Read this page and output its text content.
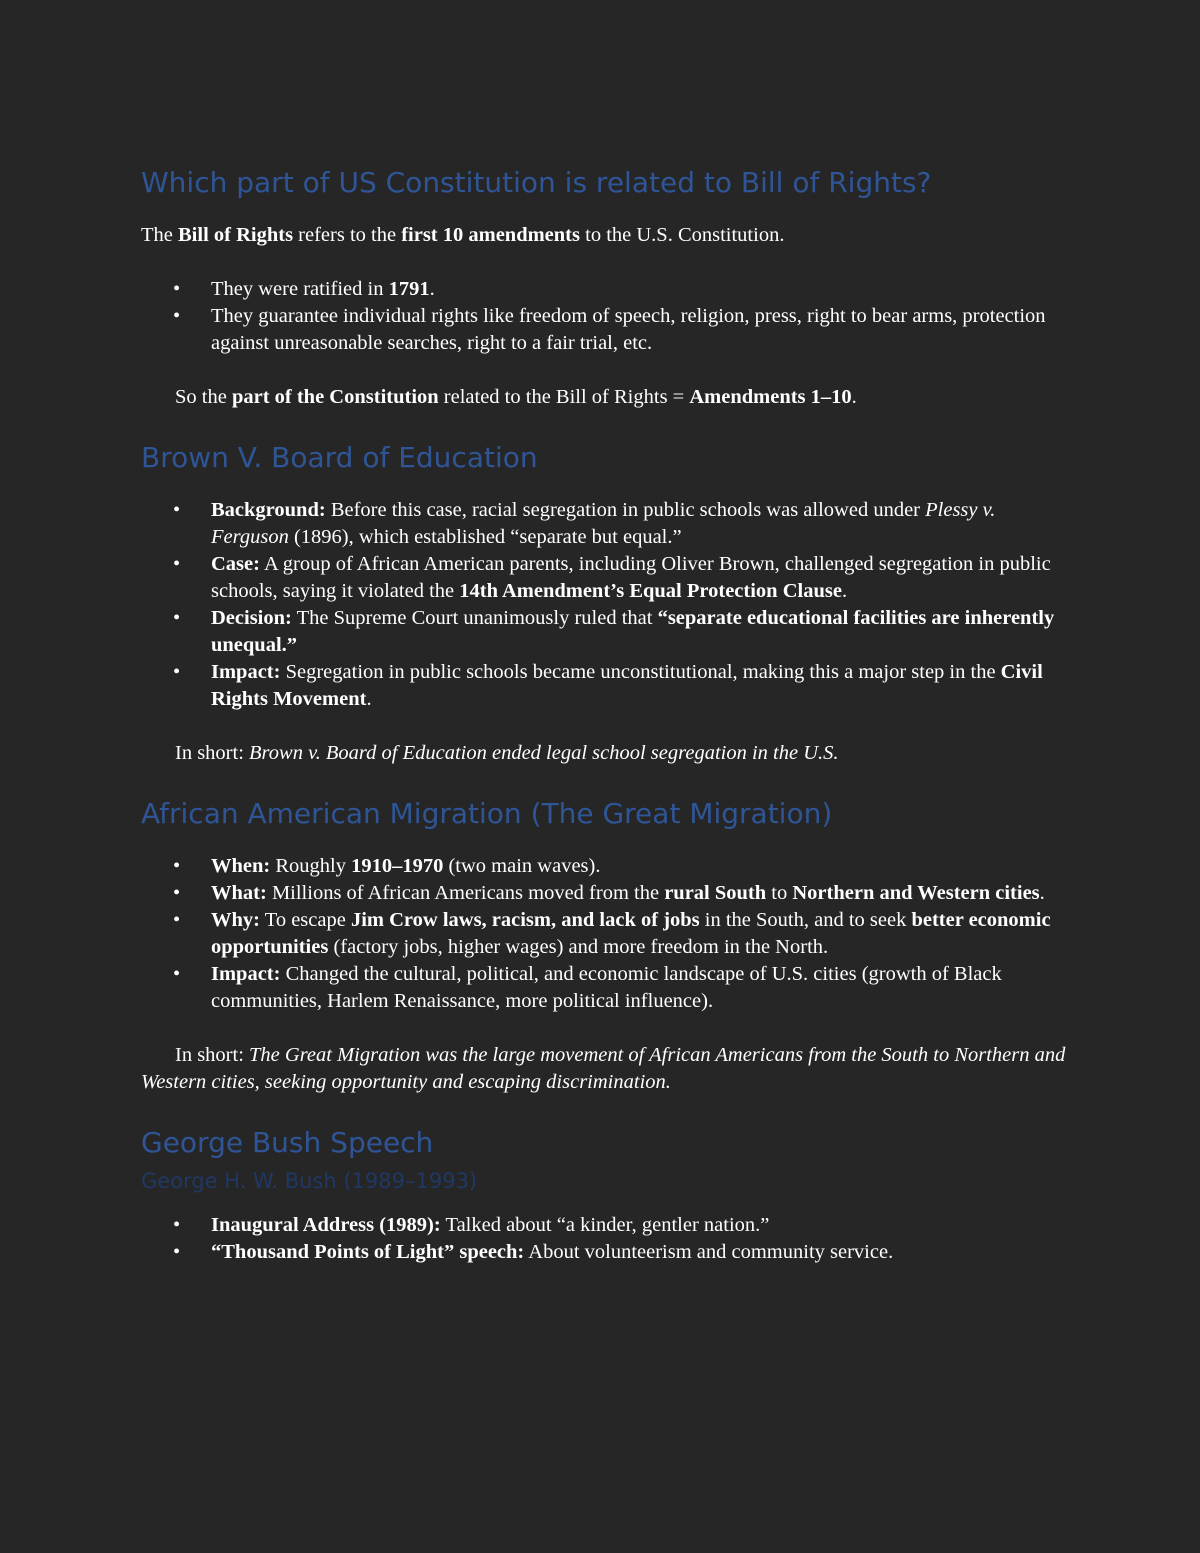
Which part of US Constitution is related to Bill of Rights?

The Bill of Rights refers to the first 10 amendments to the U.S. Constitution.

• They were ratified in 1791.
• They guarantee individual rights like freedom of speech, religion, press, right to bear arms, protection against unreasonable searches, right to a fair trial, etc.

So the part of the Constitution related to the Bill of Rights = Amendments 1–10.

Brown V. Board of Education
• Background: Before this case, racial segregation in public schools was allowed under Plessy v. Ferguson (1896), which established “separate but equal.”
• Case: A group of African American parents, including Oliver Brown, challenged segregation in public schools, saying it violated the 14th Amendment’s Equal Protection Clause.
• Decision: The Supreme Court unanimously ruled that “separate educational facilities are inherently unequal.”
• Impact: Segregation in public schools became unconstitutional, making this a major step in the Civil Rights Movement.

In short: Brown v. Board of Education ended legal school segregation in the U.S.

African American Migration (The Great Migration)
• When: Roughly 1910–1970 (two main waves).
• What: Millions of African Americans moved from the rural South to Northern and Western cities.
• Why: To escape Jim Crow laws, racism, and lack of jobs in the South, and to seek better economic opportunities (factory jobs, higher wages) and more freedom in the North.
• Impact: Changed the cultural, political, and economic landscape of U.S. cities (growth of Black communities, Harlem Renaissance, more political influence).

In short: The Great Migration was the large movement of African Americans from the South to Northern and Western cities, seeking opportunity and escaping discrimination.

George Bush Speech
George H. W. Bush (1989–1993)
• Inaugural Address (1989): Talked about “a kinder, gentler nation.”
• “Thousand Points of Light” speech: About volunteerism and community service.
